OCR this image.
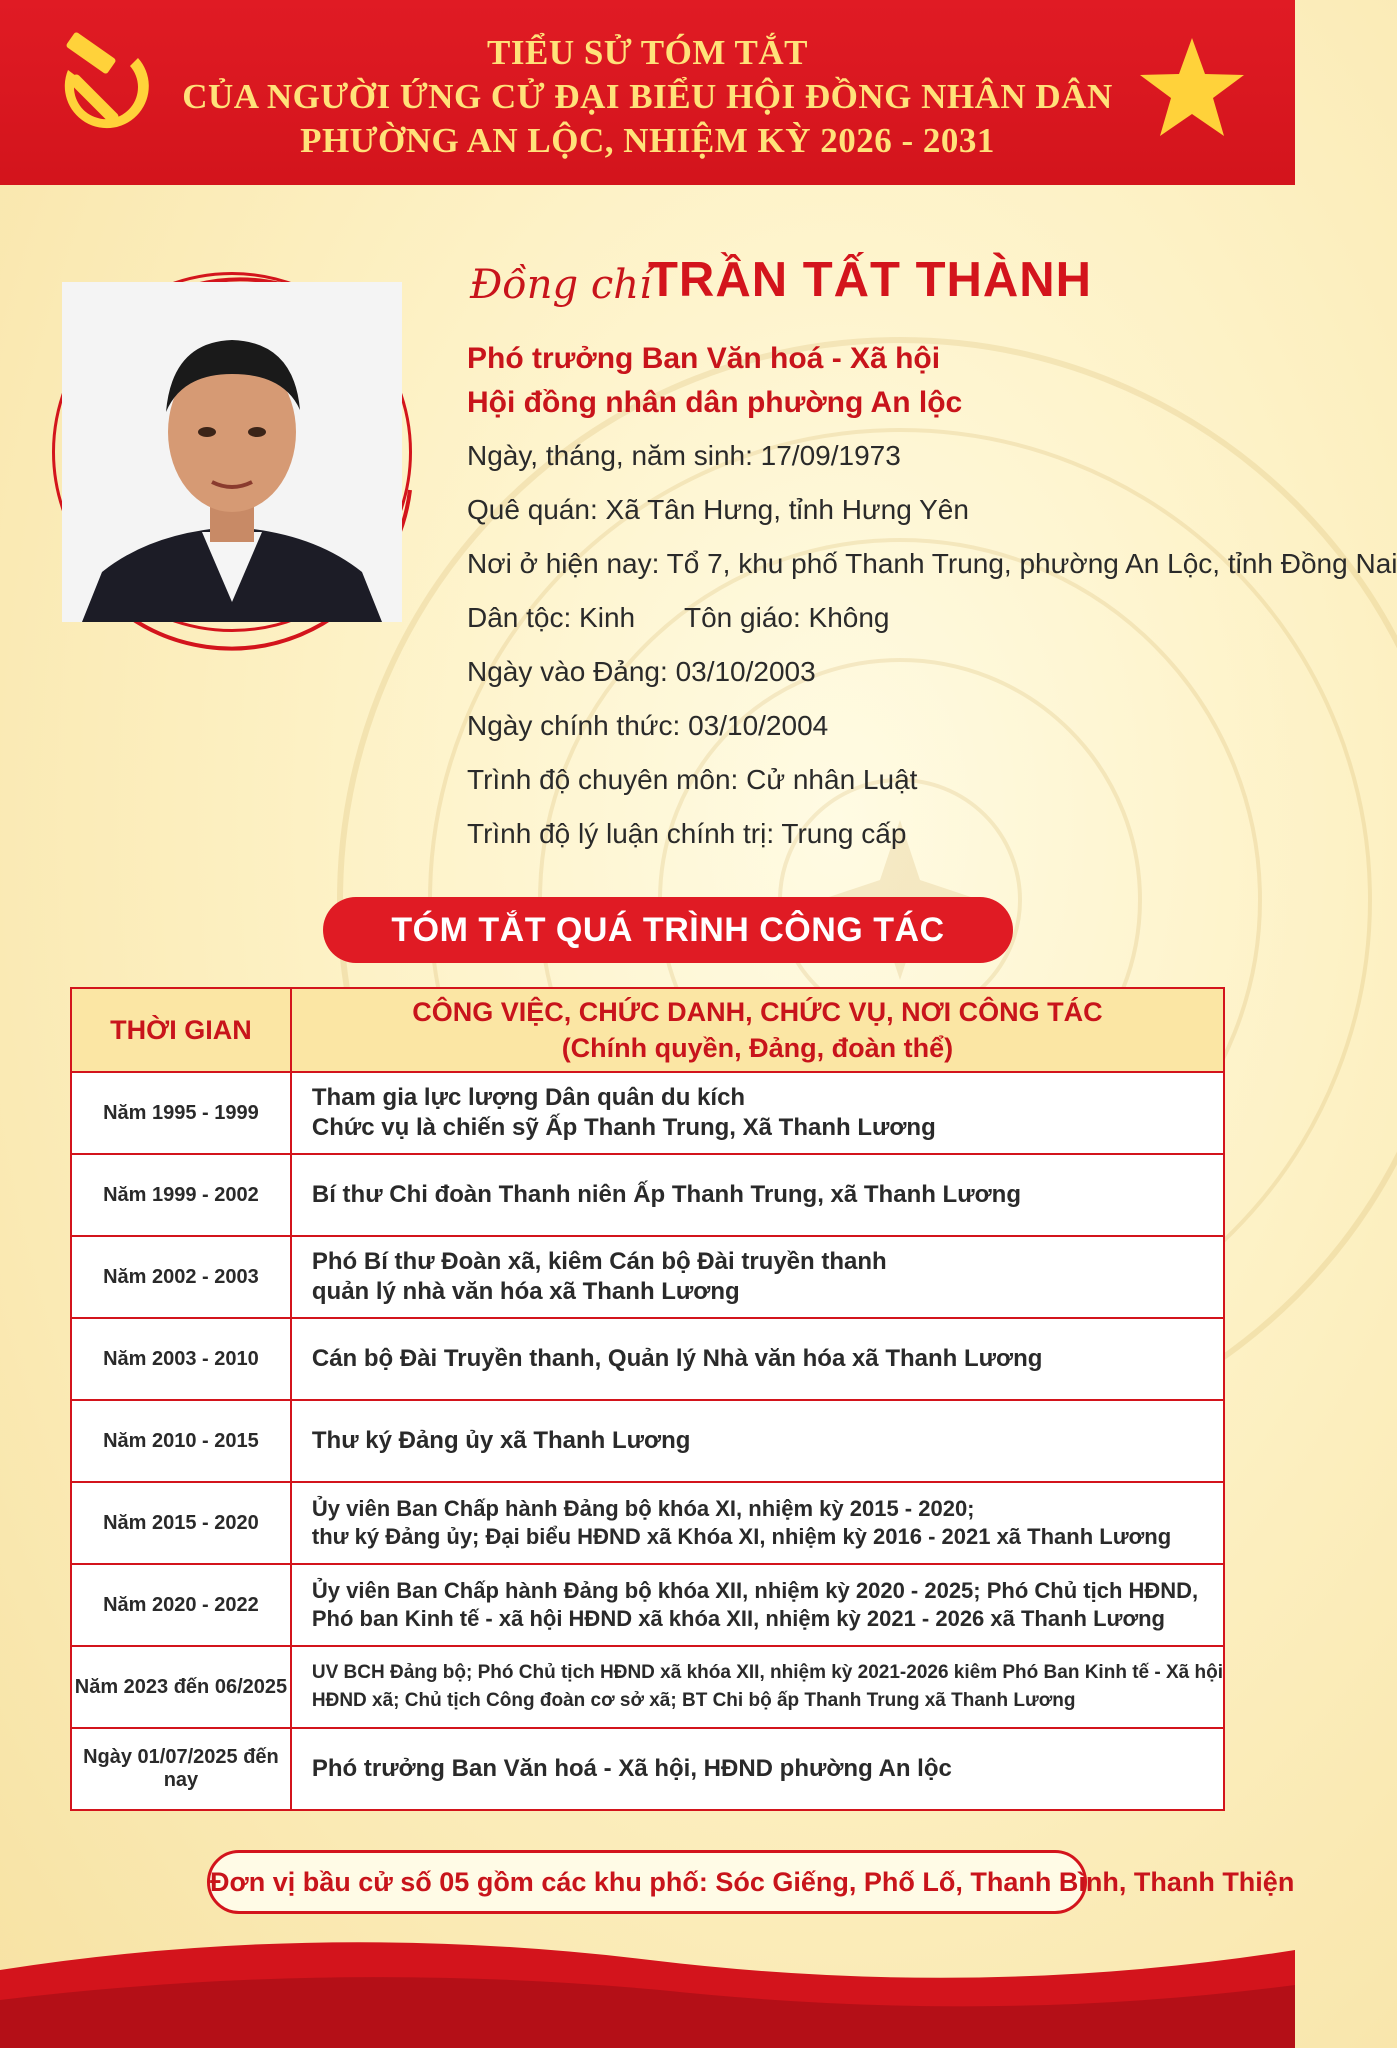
TIỂU SỬ TÓM TẮT
CỦA NGƯỜI ỨNG CỬ ĐẠI BIỂU HỘI ĐỒNG NHÂN DÂN
PHƯỜNG AN LỘC, NHIỆM KỲ 2026 - 2031
Đồng chí
TRẦN TẤT THÀNH
Phó trưởng Ban Văn hoá - Xã hội
Hội đồng nhân dân phường An lộc
Ngày, tháng, năm sinh: 17/09/1973
Quê quán: Xã Tân Hưng, tỉnh Hưng Yên
Nơi ở hiện nay: Tổ 7, khu phố Thanh Trung, phường An Lộc, tỉnh Đồng Nai
Dân tộc: Kinh Tôn giáo: Không
Ngày vào Đảng: 03/10/2003
Ngày chính thức: 03/10/2004
Trình độ chuyên môn: Cử nhân Luật
Trình độ lý luận chính trị: Trung cấp
TÓM TẮT QUÁ TRÌNH CÔNG TÁC
THỜI GIAN	CÔNG VIỆC, CHỨC DANH, CHỨC VỤ, NƠI CÔNG TÁC
(Chính quyền, Đảng, đoàn thể)

Năm 1995 - 1999	Tham gia lực lượng Dân quân du kích
Chức vụ là chiến sỹ Ấp Thanh Trung, Xã Thanh Lương

Năm 1999 - 2002	Bí thư Chi đoàn Thanh niên Ấp Thanh Trung, xã Thanh Lương

Năm 2002 - 2003	Phó Bí thư Đoàn xã, kiêm Cán bộ Đài truyền thanh
quản lý nhà văn hóa xã Thanh Lương

Năm 2003 - 2010	Cán bộ Đài Truyền thanh, Quản lý Nhà văn hóa xã Thanh Lương

Năm 2010 - 2015	Thư ký Đảng ủy xã Thanh Lương

Năm 2015 - 2020	Ủy viên Ban Chấp hành Đảng bộ khóa XI, nhiệm kỳ 2015 - 2020;
thư ký Đảng ủy; Đại biểu HĐND xã Khóa XI, nhiệm kỳ 2016 - 2021 xã Thanh Lương

Năm 2020 - 2022	Ủy viên Ban Chấp hành Đảng bộ khóa XII, nhiệm kỳ 2020 - 2025; Phó Chủ tịch HĐND,
Phó ban Kinh tế - xã hội HĐND xã khóa XII, nhiệm kỳ 2021 - 2026 xã Thanh Lương

Năm 2023 đến 06/2025	UV BCH Đảng bộ; Phó Chủ tịch HĐND xã khóa XII, nhiệm kỳ 2021-2026 kiêm Phó Ban Kinh tế - Xã hội
HĐND xã; Chủ tịch Công đoàn cơ sở xã; BT Chi bộ ấp Thanh Trung xã Thanh Lương

Ngày 01/07/2025 đến nay	Phó trưởng Ban Văn hoá - Xã hội, HĐND phường An lộc
Đơn vị bầu cử số 05 gồm các khu phố: Sóc Giếng, Phố Lố, Thanh Bình, Thanh Thiện
